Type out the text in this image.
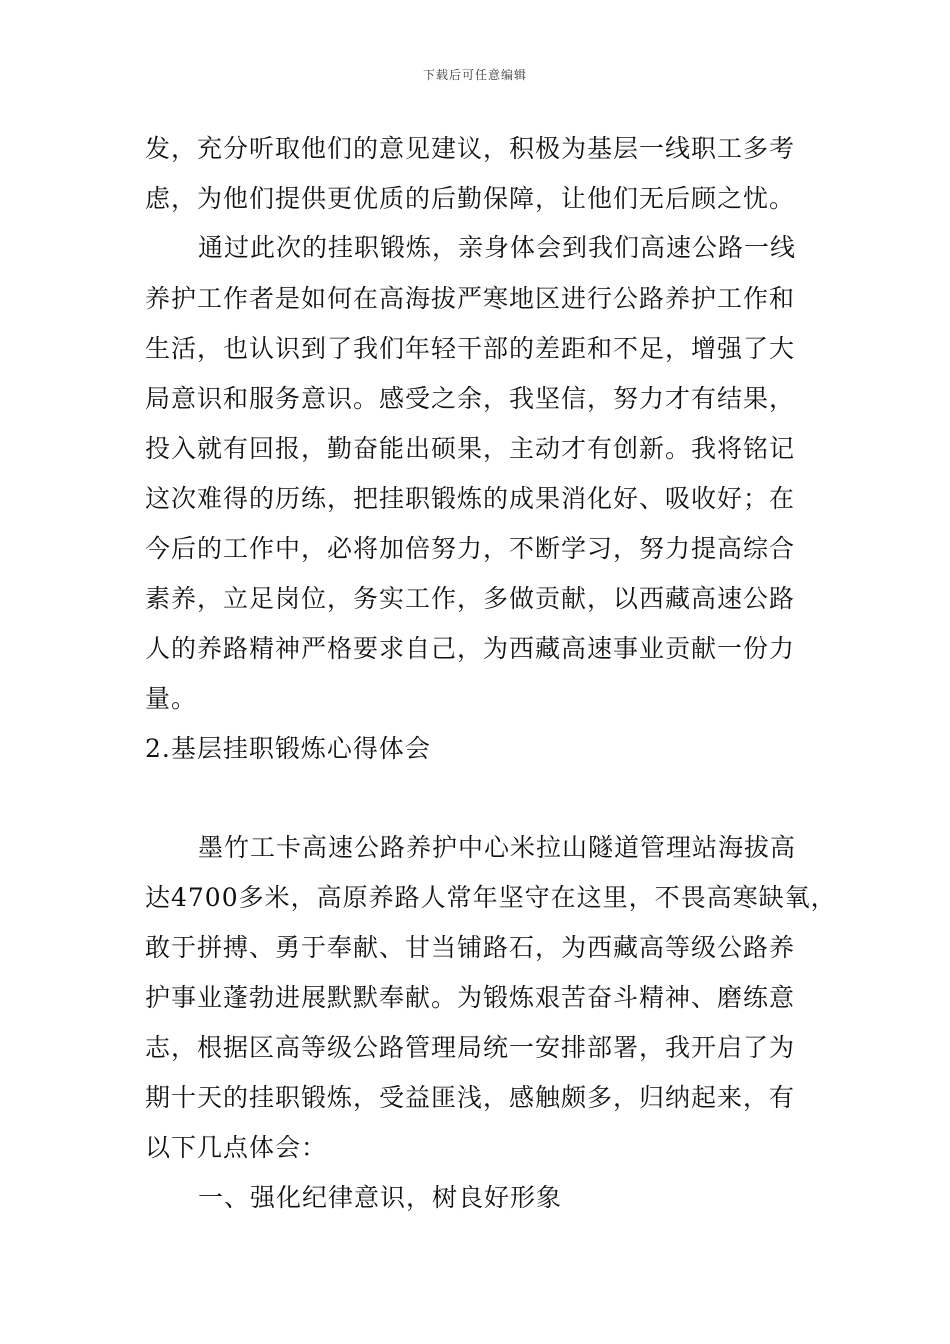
下载后可任意编辑
发，充分听取他们的意见建议，积极为基层一线职工多考
虑，为他们提供更优质的后勤保障，让他们无后顾之忧。
通过此次的挂职锻炼，亲身体会到我们高速公路一线
养护工作者是如何在高海拔严寒地区进行公路养护工作和
生活，也认识到了我们年轻干部的差距和不足，增强了大
局意识和服务意识。感受之余，我坚信，努力才有结果，
投入就有回报，勤奋能出硕果，主动才有创新。我将铭记
这次难得的历练，把挂职锻炼的成果消化好、吸收好；在
今后的工作中，必将加倍努力，不断学习，努力提高综合
素养，立足岗位，务实工作，多做贡献，以西藏高速公路
人的养路精神严格要求自己，为西藏高速事业贡献一份力
量。
2.基层挂职锻炼心得体会
墨竹工卡高速公路养护中心米拉山隧道管理站海拔高
达4700多米，高原养路人常年坚守在这里，不畏高寒缺氧，
敢于拼搏、勇于奉献、甘当铺路石，为西藏高等级公路养
护事业蓬勃进展默默奉献。为锻炼艰苦奋斗精神、磨练意
志，根据区高等级公路管理局统一安排部署，我开启了为
期十天的挂职锻炼，受益匪浅，感触颇多，归纳起来，有
以下几点体会：
一、强化纪律意识，树良好形象
